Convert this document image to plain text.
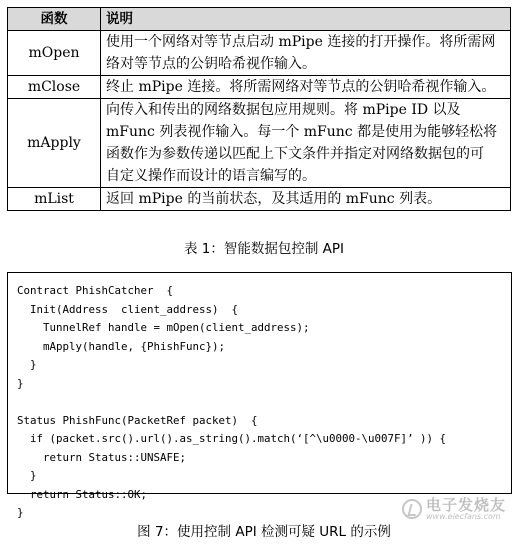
函数	说明
mOpen	使用一个网络对等节点启动 mPipe 连接的打开操作。将所需网
络对等节点的公钥哈希视作输入。

mClose	终止 mPipe 连接。将所需网络对等节点的公钥哈希视作输入。

mApply	向传入和传出的网络数据包应用规则。将 mPipe ID 以及
mFunc 列表视作输入。每一个 mFunc 都是使用为能够轻松将
函数作为参数传递以匹配上下文条件并指定对网络数据包的可
自定义操作而设计的语言编写的。

mList	返回 mPipe 的当前状态，及其适用的 mFunc 列表。
表 1：智能数据包控制 API
Contract PhishCatcher  {
Init(Address  client_address)  {
TunnelRef handle = mOpen(client_address);
mApply(handle, {PhishFunc});
}
}

Status PhishFunc(PacketRef packet)  {
if (packet.src().url().as_string().match(‘[^\u0000-\u007F]’ )) {
return Status::UNSAFE;
}
return Status::OK;
}	电子发烧友
www.elecfans.com
图 7：使用控制 API 检测可疑 URL 的示例
